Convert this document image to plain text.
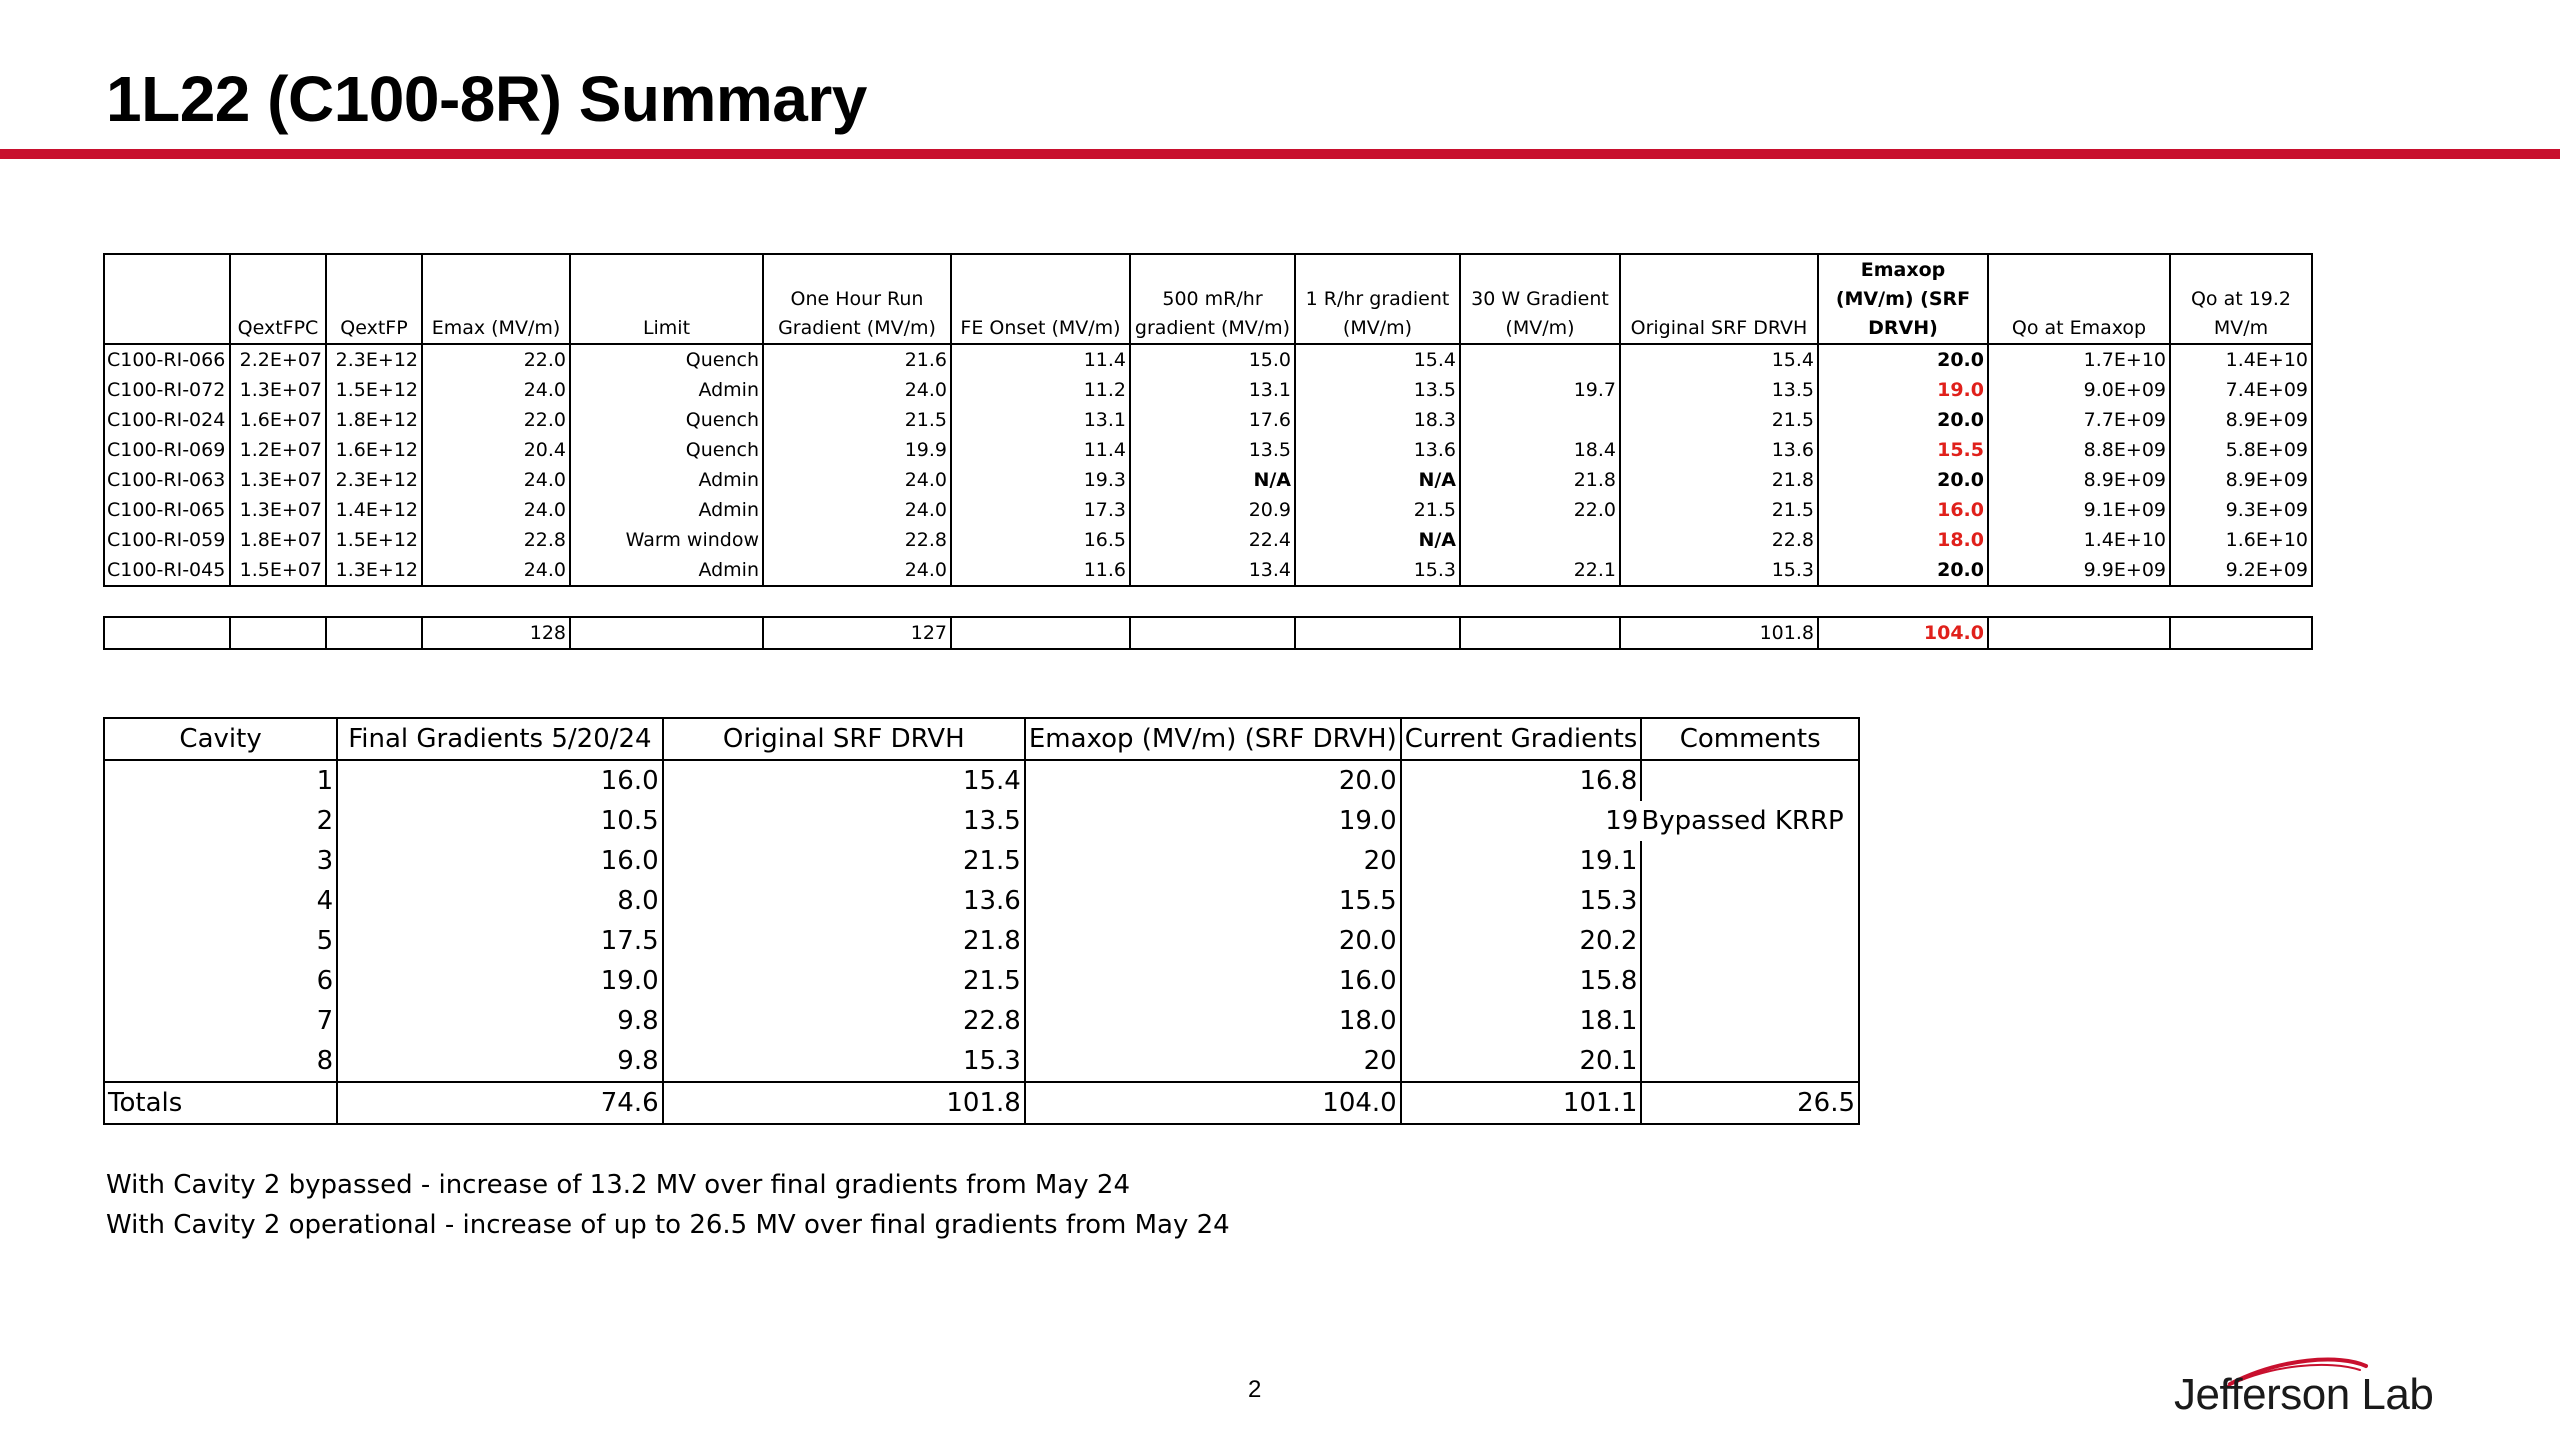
1L22 (C100-8R) Summary
	QextFPC	QextFP	Emax (MV/m)	Limit	One Hour Run Gradient (MV/m)	FE Onset (MV/m)	500 mR/hr gradient (MV/m)	1 R/hr gradient (MV/m)	30 W Gradient (MV/m)	Original SRF DRVH	Emaxop (MV/m) (SRF DRVH)	Qo at Emaxop	Qo at 19.2 MV/m
C100-RI-066	2.2E+07	2.3E+12	22.0	Quench	21.6	11.4	15.0	15.4		15.4	20.0	1.7E+10	1.4E+10
C100-RI-072	1.3E+07	1.5E+12	24.0	Admin	24.0	11.2	13.1	13.5	19.7	13.5	19.0	9.0E+09	7.4E+09
C100-RI-024	1.6E+07	1.8E+12	22.0	Quench	21.5	13.1	17.6	18.3		21.5	20.0	7.7E+09	8.9E+09
C100-RI-069	1.2E+07	1.6E+12	20.4	Quench	19.9	11.4	13.5	13.6	18.4	13.6	15.5	8.8E+09	5.8E+09
C100-RI-063	1.3E+07	2.3E+12	24.0	Admin	24.0	19.3	N/A	N/A	21.8	21.8	20.0	8.9E+09	8.9E+09
C100-RI-065	1.3E+07	1.4E+12	24.0	Admin	24.0	17.3	20.9	21.5	22.0	21.5	16.0	9.1E+09	9.3E+09
C100-RI-059	1.8E+07	1.5E+12	22.8	Warm window	22.8	16.5	22.4	N/A		22.8	18.0	1.4E+10	1.6E+10
C100-RI-045	1.5E+07	1.3E+12	24.0	Admin	24.0	11.6	13.4	15.3	22.1	15.3	20.0	9.9E+09	9.2E+09
			128		127					101.8	104.0		
Cavity	Final Gradients 5/20/24	Original SRF DRVH	Emaxop (MV/m) (SRF DRVH)	Current Gradients	Comments
1	16.0	15.4	20.0	16.8	
2	10.5	13.5	19.0	19	Bypassed KRRP
3	16.0	21.5	20	19.1	
4	8.0	13.6	15.5	15.3	
5	17.5	21.8	20.0	20.2	
6	19.0	21.5	16.0	15.8	
7	9.8	22.8	18.0	18.1	
8	9.8	15.3	20	20.1	
Totals	74.6	101.8	104.0	101.1	26.5
With Cavity 2 bypassed - increase of 13.2 MV over final gradients from May 24
With Cavity 2 operational - increase of up to 26.5 MV over final gradients from May 24
2	Jefferson Lab
